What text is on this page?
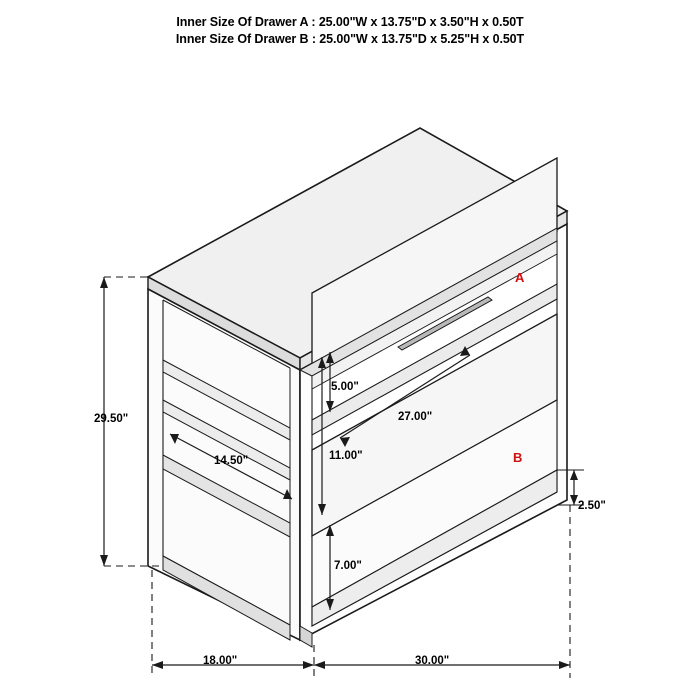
Inner Size Of Drawer A : 25.00"W x 13.75"D x 3.50"H x 0.50T
Inner Size Of Drawer B : 25.00"W x 13.75"D x 5.25"H x 0.50T
29.50"
14.50"
5.00"
11.00"
27.00"
7.00"
2.50"
18.00"	30.00"
A
B
